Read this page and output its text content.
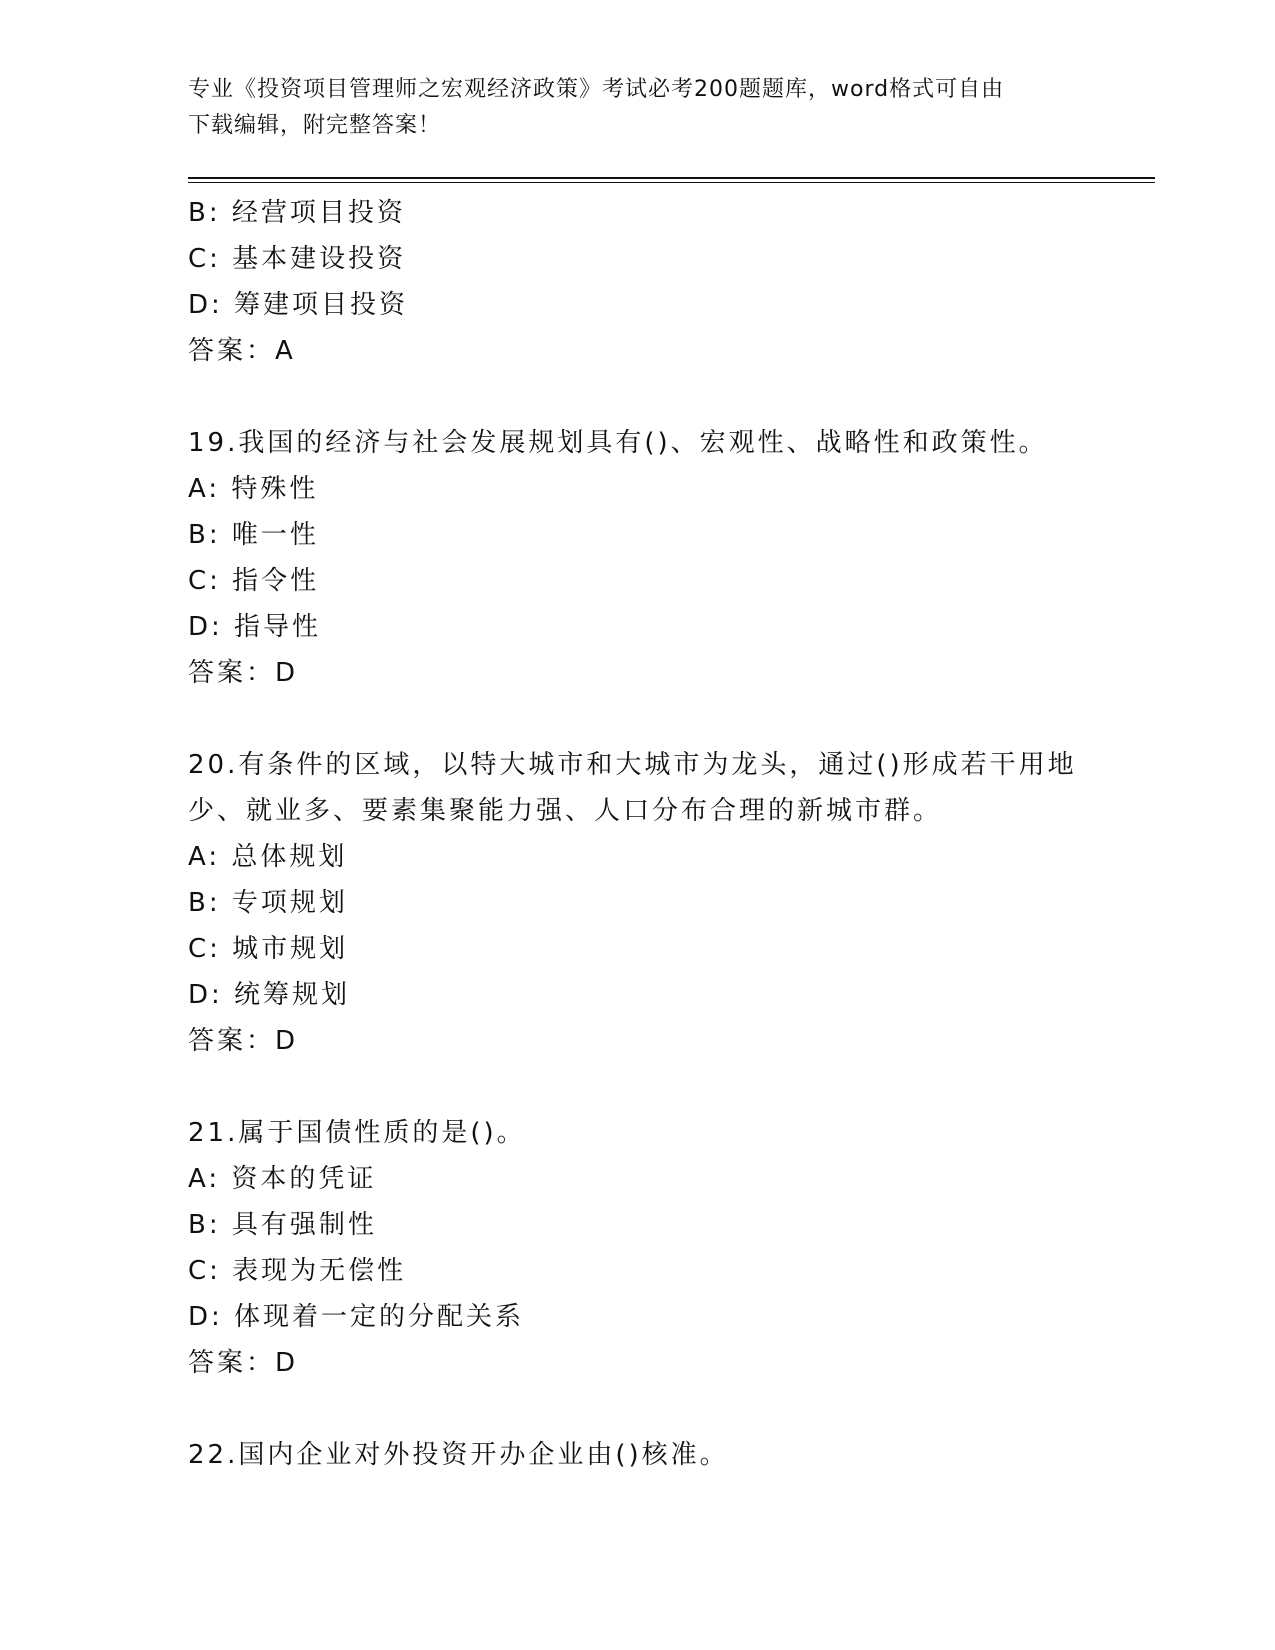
专业《投资项目管理师之宏观经济政策》考试必考200题题库，word格式可自由
下载编辑，附完整答案！
B: 经营项目投资
C: 基本建设投资
D: 筹建项目投资
答案：A
19.我国的经济与社会发展规划具有()、宏观性、战略性和政策性。
A: 特殊性
B: 唯一性
C: 指令性
D: 指导性
答案：D
20.有条件的区域，以特大城市和大城市为龙头，通过()形成若干用地
少、就业多、要素集聚能力强、人口分布合理的新城市群。
A: 总体规划
B: 专项规划
C: 城市规划
D: 统筹规划
答案：D
21.属于国债性质的是()。
A: 资本的凭证
B: 具有强制性
C: 表现为无偿性
D: 体现着一定的分配关系
答案：D
22.国内企业对外投资开办企业由()核准。
